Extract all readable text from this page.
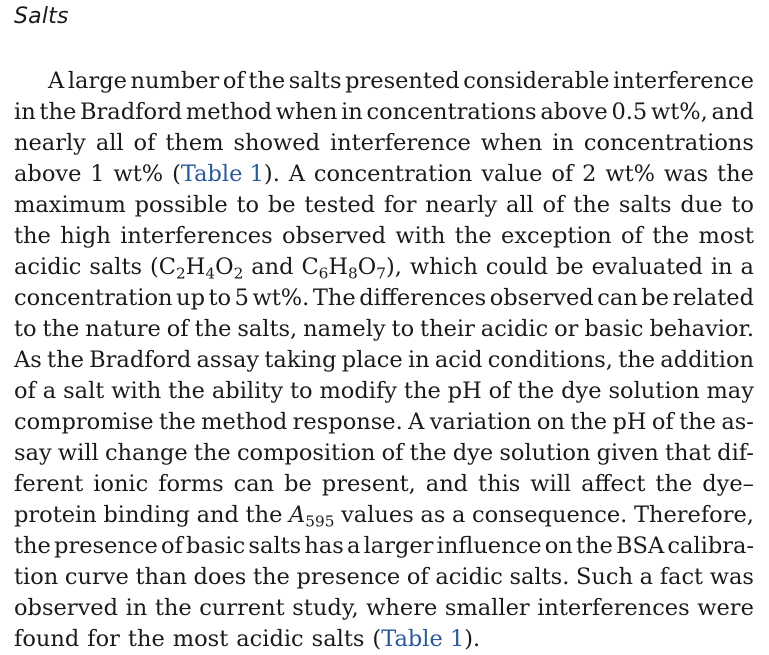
Salts
A large number of the salts presented considerable interference
in the Bradford method when in concentrations above 0.5 wt%, and
nearly all of them showed interference when in concentrations
above 1 wt% (Table 1). A concentration value of 2 wt% was the
maximum possible to be tested for nearly all of the salts due to
the high interferences observed with the exception of the most
acidic salts ($C_2H_4O_2$ and $C_6H_8O_7$), which could be evaluated in a
concentration up to 5 wt%. The differences observed can be related
to the nature of the salts, namely to their acidic or basic behavior.
As the Bradford assay taking place in acid conditions, the addition
of a salt with the ability to modify the pH of the dye solution may
compromise the method response. A variation on the pH of the as-
say will change the composition of the dye solution given that dif-
ferent ionic forms can be present, and this will affect the dye–
protein binding and the $A_{595}$ values as a consequence. Therefore,
the presence of basic salts has a larger influence on the BSA calibra-
tion curve than does the presence of acidic salts. Such a fact was
observed in the current study, where smaller interferences were
found for the most acidic salts (Table 1).
